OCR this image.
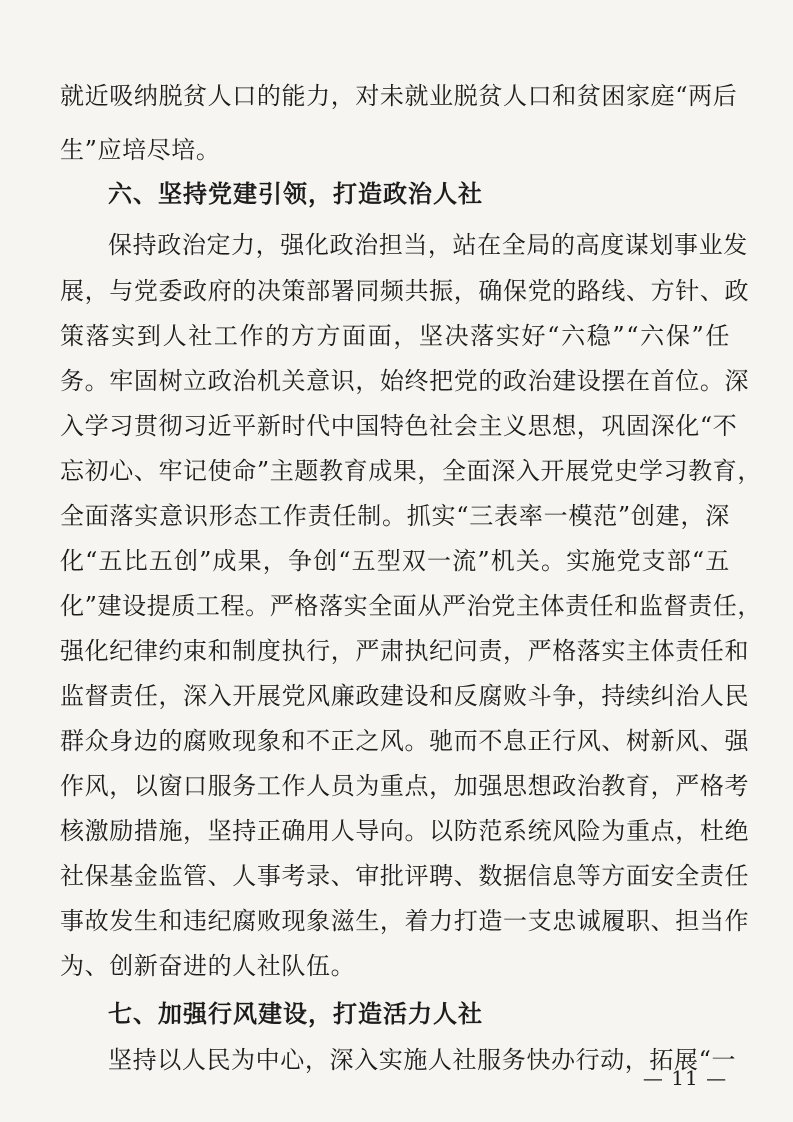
就 近 吸 纳 脱 贫 人 口 的 能 力 ， 对 未 就 业 脱 贫 人 口 和 贫 困 家 庭 “ 两 后
生”应培尽培。
六、坚持党建引领，打造政治人社
保 持 政 治 定 力 ， 强 化 政 治 担 当 ， 站 在 全 局 的 高 度 谋 划 事 业 发
展 ， 与 党 委 政 府 的 决 策 部 署 同 频 共 振 ， 确 保 党 的 路 线 、 方 针 、 政
策 落 实 到 人 社 工 作 的 方 方 面 面 ， 坚 决 落 实 好 “ 六 稳 ” “ 六 保 ” 任
务 。 牢 固 树 立 政 治 机 关 意 识 ， 始 终 把 党 的 政 治 建 设 摆 在 首 位 。 深
入 学 习 贯 彻 习 近 平 新 时 代 中 国 特 色 社 会 主 义 思 想 ， 巩 固 深 化 “ 不
忘 初 心 、 牢 记 使 命 ” 主 题 教 育 成 果 ， 全 面 深 入 开 展 党 史 学 习 教 育 ，
全 面 落 实 意 识 形 态 工 作 责 任 制 。 抓 实 “ 三 表 率 一 模 范 ” 创 建 ， 深
化 “ 五 比 五 创 ” 成 果 ， 争 创 “ 五 型 双 一 流 ” 机 关 。 实 施 党 支 部 “ 五
化 ” 建 设 提 质 工 程 。 严 格 落 实 全 面 从 严 治 党 主 体 责 任 和 监 督 责 任 ，
强 化 纪 律 约 束 和 制 度 执 行 ， 严 肃 执 纪 问 责 ， 严 格 落 实 主 体 责 任 和
监 督 责 任 ， 深 入 开 展 党 风 廉 政 建 设 和 反 腐 败 斗 争 ， 持 续 纠 治 人 民
群 众 身 边 的 腐 败 现 象 和 不 正 之 风 。 驰 而 不 息 正 行 风 、 树 新 风 、 强
作 风 ， 以 窗 口 服 务 工 作 人 员 为 重 点 ， 加 强 思 想 政 治 教 育 ， 严 格 考
核 激 励 措 施 ， 坚 持 正 确 用 人 导 向 。 以 防 范 系 统 风 险 为 重 点 ， 杜 绝
社 保 基 金 监 管 、 人 事 考 录 、 审 批 评 聘 、 数 据 信 息 等 方 面 安 全 责 任
事 故 发 生 和 违 纪 腐 败 现 象 滋 生 ， 着 力 打 造 一 支 忠 诚 履 职 、 担 当 作
为、创新奋进的人社队伍。
七、加强行风建设，打造活力人社
坚 持 以 人 民 为 中 心 ， 深 入 实 施 人 社 服 务 快 办 行 动 ， 拓 展 “ 一
— 11 —
